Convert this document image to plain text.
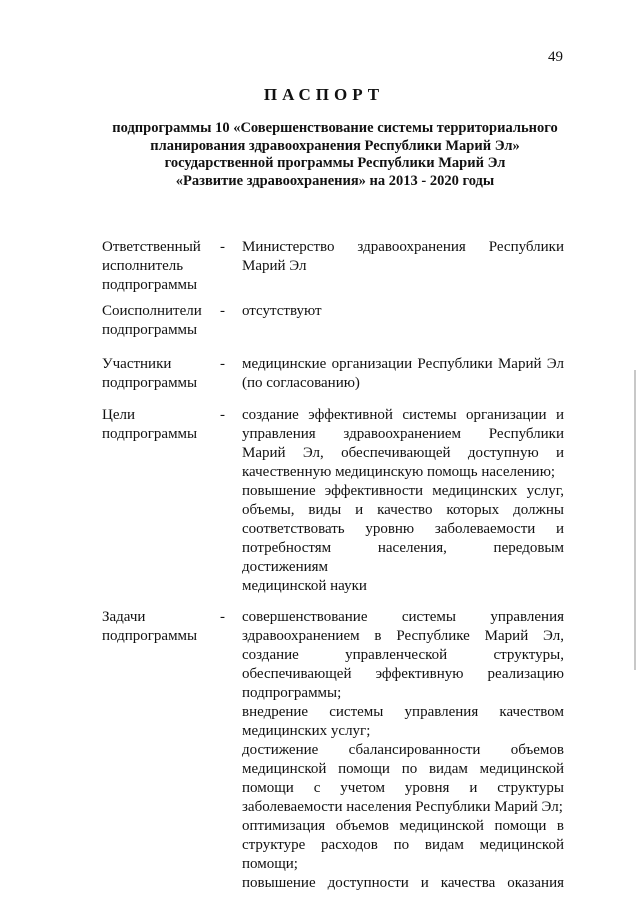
49
ПАСПОРТ
подпрограммы 10 «Совершенствование системы территориального
планирования здравоохранения Республики Марий Эл»
государственной программы Республики Марий Эл
«Развитие здравоохранения» на 2013 - 2020 годы
Ответственный
исполнитель
подпрограммы
- Министерство здравоохранения Республики
Марий Эл
Соисполнители
подпрограммы
- отсутствуют
Участники
подпрограммы
- медицинские организации Республики Марий Эл
(по согласованию)
Цели
подпрограммы
- создание эффективной системы организации и
управления здравоохранением Республики
Марий Эл, обеспечивающей доступную и
качественную медицинскую помощь населению;
повышение эффективности медицинских услуг,
объемы, виды и качество которых должны
соответствовать уровню заболеваемости и
потребностям населения, передовым достижениям
медицинской науки
Задачи
подпрограммы
- совершенствование системы управления
здравоохранением в Республике Марий Эл,
создание управленческой структуры,
обеспечивающей эффективную реализацию
подпрограммы;
внедрение системы управления качеством
медицинских услуг;
достижение сбалансированности объемов
медицинской помощи по видам медицинской
помощи с учетом уровня и структуры
заболеваемости населения Республики Марий Эл;
оптимизация объемов медицинской помощи в
структуре расходов по видам медицинской
помощи;
повышение доступности и качества оказания
